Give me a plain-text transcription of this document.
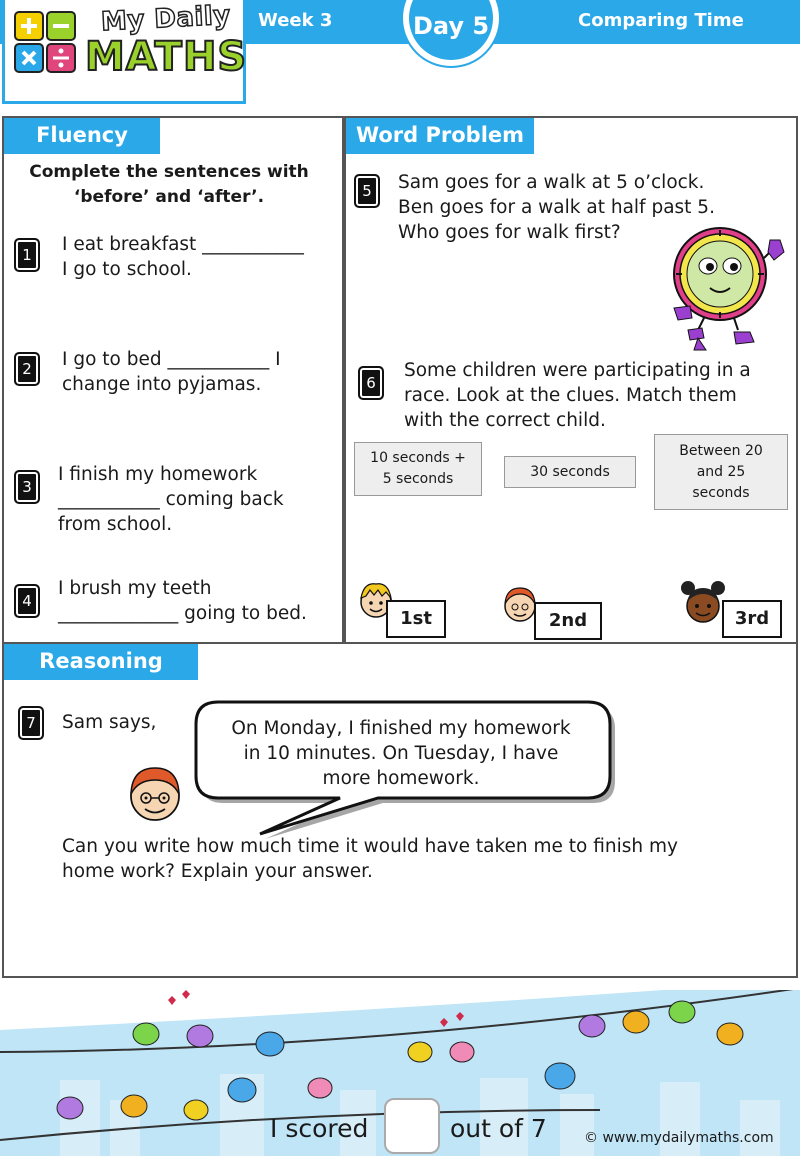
My Daily
MATHS
Week 3	Day 5	Comparing Time
Fluency
Complete the sentences with
‘before’ and ‘after’.
1	I eat breakfast ___________
I go to school.
2	I go to bed ___________ I
change into pyjamas.
3
I finish my homework
___________ coming back
from school.
4
I brush my teeth
_____________ going to bed.
Word Problem
5	Sam goes for a walk at 5 o’clock.
Ben goes for a walk at half past 5.
Who goes for walk first?
6
Some children were participating in a
race. Look at the clues. Match them
with the correct child.
10 seconds +
5 seconds	30 seconds
Between 20
and 25
seconds
1st	2nd	3rd
Reasoning
7	Sam says,	On Monday, I finished my homework
in 10 minutes. On Tuesday, I have
more homework.
Can you write how much time it would have taken me to finish my
home work? Explain your answer.
I scored	out of 7	© www.mydailymaths.com
